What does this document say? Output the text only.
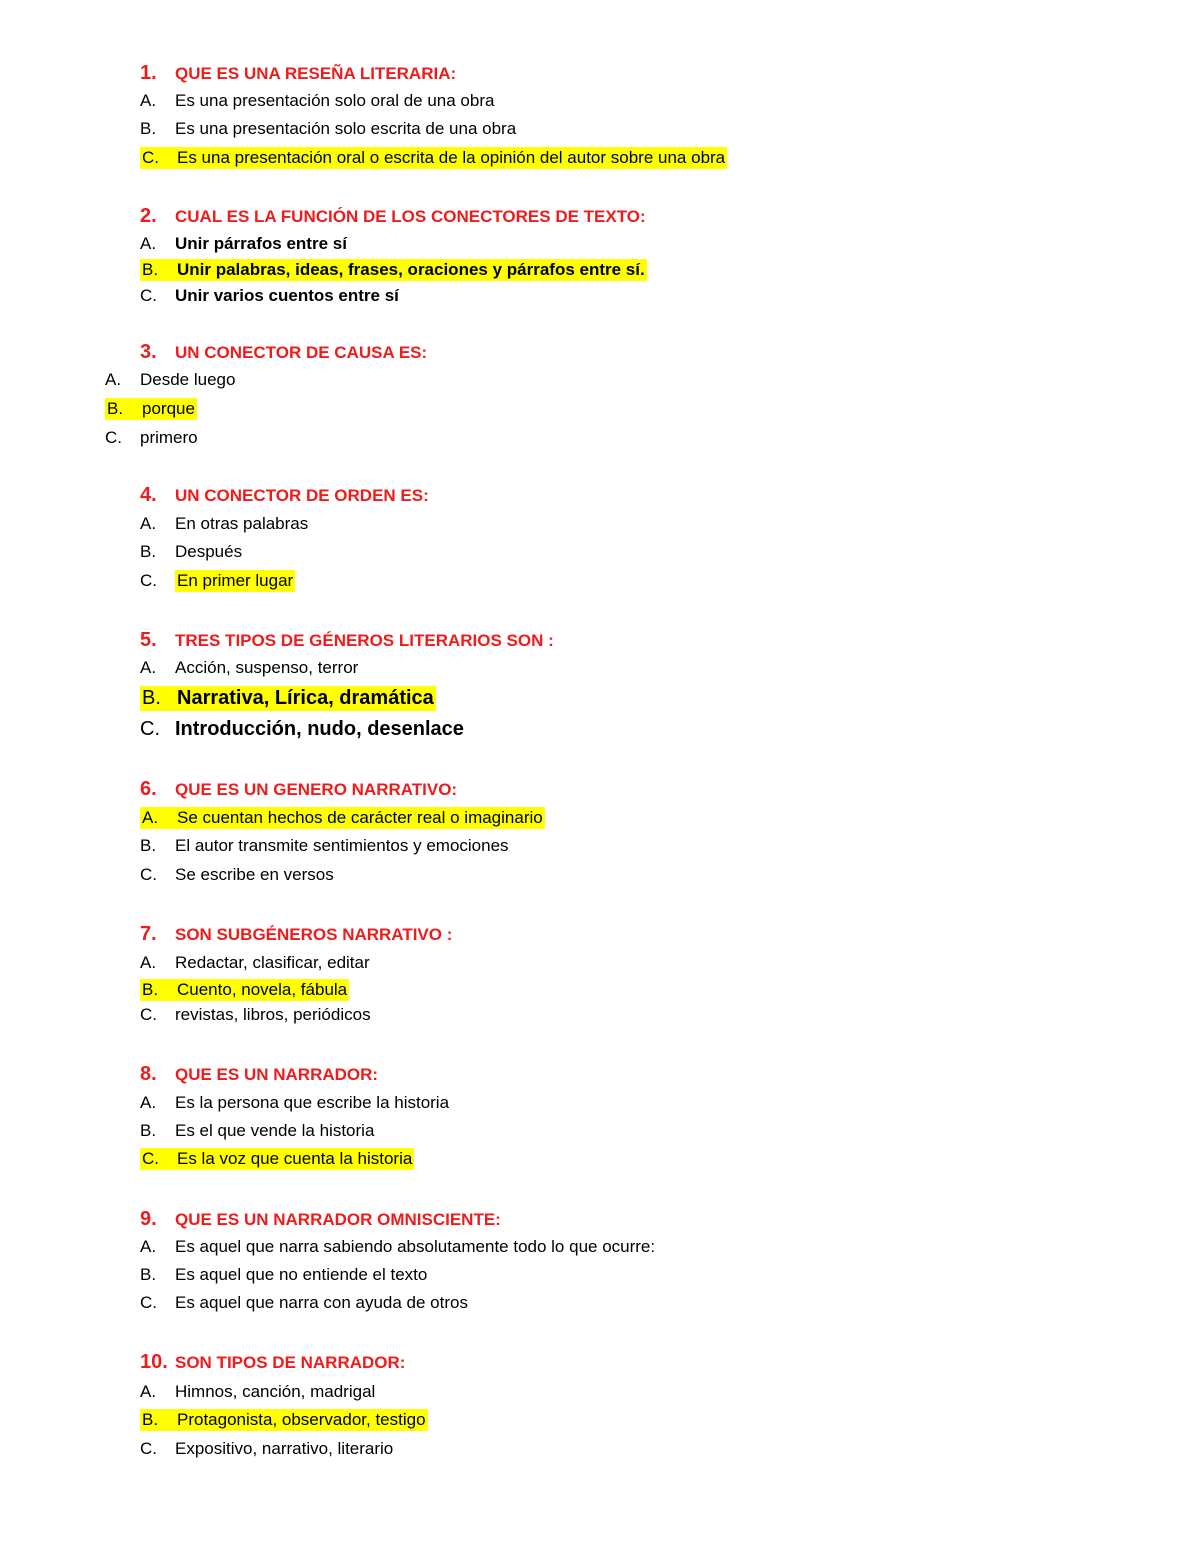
1. QUE ES UNA RESEÑA LITERARIA:
A. Es una presentación solo oral de una obra
B. Es una presentación solo escrita de una obra
C. Es una presentación oral o escrita de la opinión del autor sobre una obra
2. CUAL ES LA FUNCIÓN DE LOS CONECTORES DE TEXTO:
A. Unir párrafos entre sí
B. Unir palabras, ideas, frases, oraciones y párrafos entre sí.
C. Unir varios cuentos entre sí
3. UN CONECTOR DE CAUSA ES:
A. Desde luego
B. porque
C. primero
4. UN CONECTOR DE ORDEN ES:
A. En otras palabras
B. Después
C. En primer lugar
5. TRES TIPOS DE GÉNEROS LITERARIOS SON :
A. Acción, suspenso, terror
B. Narrativa, Lírica, dramática
C. Introducción, nudo, desenlace
6. QUE ES UN GENERO NARRATIVO:
A. Se cuentan hechos de carácter real o imaginario
B. El autor transmite sentimientos y emociones
C. Se escribe en versos
7. SON SUBGÉNEROS NARRATIVO :
A. Redactar, clasificar, editar
B. Cuento, novela, fábula
C. revistas, libros, periódicos
8. QUE ES UN NARRADOR:
A. Es la persona que escribe la historia
B. Es el que vende la historia
C. Es la voz que cuenta la historia
9. QUE ES UN NARRADOR OMNISCIENTE:
A. Es aquel que narra sabiendo absolutamente todo lo que ocurre:
B. Es aquel que no entiende el texto
C. Es aquel que narra con ayuda de otros
10. SON TIPOS DE NARRADOR:
A. Himnos, canción, madrigal
B. Protagonista, observador, testigo
C. Expositivo, narrativo, literario
